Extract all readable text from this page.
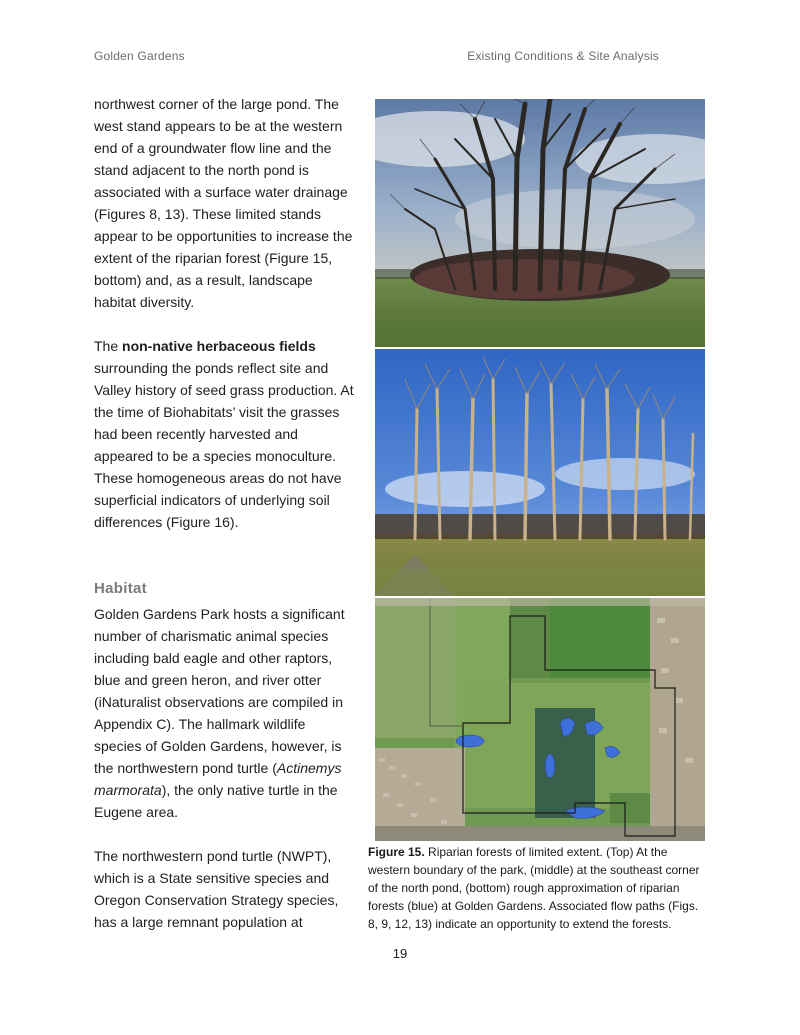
Golden Gardens	Existing Conditions & Site Analysis

northwest corner of the large pond. The west stand appears to be at the western end of a groundwater flow line and the stand adjacent to the north pond is associated with a surface water drainage (Figures 8, 13). These limited stands appear to be opportunities to increase the extent of the riparian forest (Figure 15, bottom) and, as a result, landscape habitat diversity.

The non-native herbaceous fields surrounding the ponds reflect site and Valley history of seed grass production. At the time of Biohabitats’ visit the grasses had been recently harvested and appeared to be a species monoculture. These homogeneous areas do not have superficial indicators of underlying soil differences (Figure 16).

Habitat

Golden Gardens Park hosts a significant number of charismatic animal species including bald eagle and other raptors, blue and green heron, and river otter (iNaturalist observations are compiled in Appendix C). The hallmark wildlife species of Golden Gardens, however, is the northwestern pond turtle (Actinemys marmorata), the only native turtle in the Eugene area.

The northwestern pond turtle (NWPT), which is a State sensitive species and Oregon Conservation Strategy species, has a large remnant population at

Figure 15. Riparian forests of limited extent. (Top) At the western boundary of the park, (middle) at the southeast corner of the north pond, (bottom) rough approximation of riparian forests (blue) at Golden Gardens. Associated flow paths (Figs. 8, 9, 12, 13) indicate an opportunity to extend the forests.
19
